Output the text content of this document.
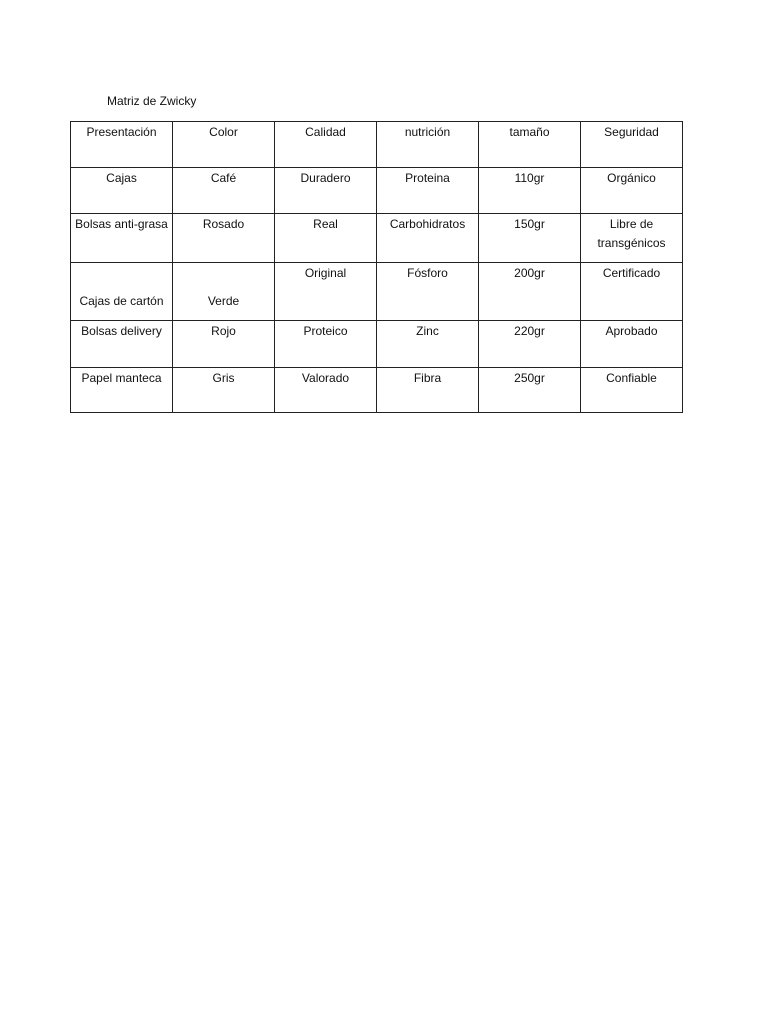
Matriz de Zwicky
Presentación	Color	Calidad	nutrición	tamaño	Seguridad
Cajas	Café	Duradero	Proteina	110gr	Orgánico
Bolsas anti-grasa	Rosado	Real	Carbohidratos	150gr	Libre de transgénicos
Cajas de cartón	Verde	Original	Fósforo	200gr	Certificado
Bolsas delivery	Rojo	Proteico	Zinc	220gr	Aprobado
Papel manteca	Gris	Valorado	Fibra	250gr	Confiable
